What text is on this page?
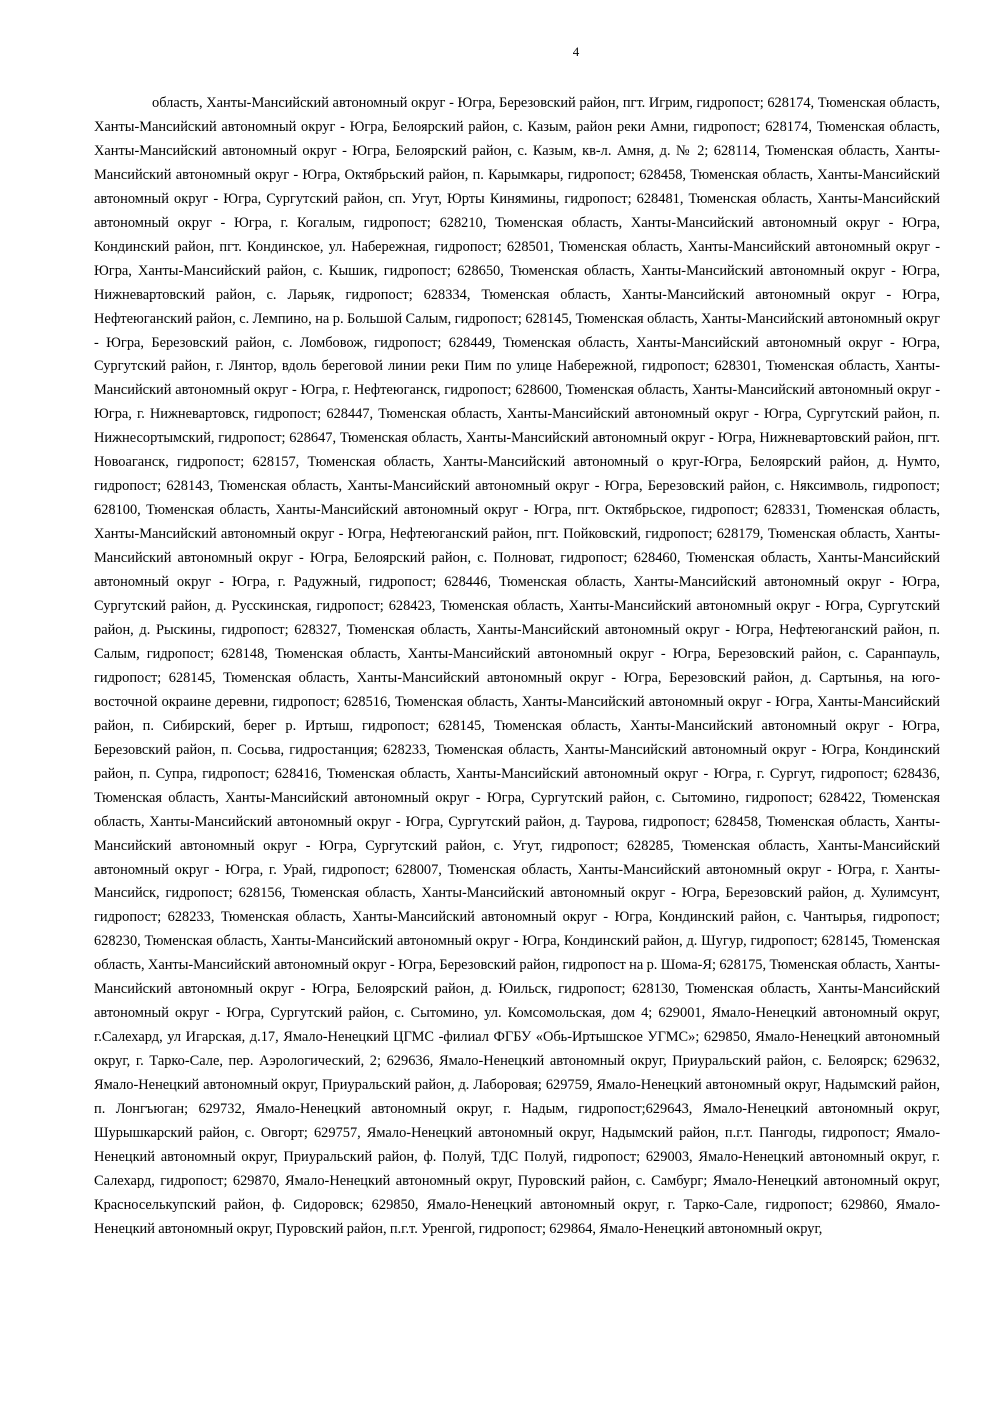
4

область, Ханты-Мансийский автономный округ - Югра, Березовский район, пгт. Игрим, гидропост; 628174, Тюменская область, Ханты-Мансийский автономный округ - Югра, Белоярский район, с. Казым, район реки Амни, гидропост; 628174, Тюменская область, Ханты-Мансийский автономный округ - Югра, Белоярский район, с. Казым, кв-л. Амня, д. № 2; 628114, Тюменская область, Ханты-Мансийский автономный округ - Югра, Октябрьский район, п. Карымкары, гидропост; 628458, Тюменская область, Ханты-Мансийский автономный округ - Югра, Сургутский район, сп. Угут, Юрты Кинямины, гидропост; 628481, Тюменская область, Ханты-Мансийский автономный округ - Югра, г. Когалым, гидропост; 628210, Тюменская область, Ханты-Мансийский автономный округ - Югра, Кондинский район, пгт. Кондинское, ул. Набережная, гидропост; 628501, Тюменская область, Ханты-Мансийский автономный округ - Югра, Ханты-Мансийский район, с. Кышик, гидропост; 628650, Тюменская область, Ханты-Мансийский автономный округ - Югра, Нижневартовский район, с. Ларьяк, гидропост; 628334, Тюменская область, Ханты-Мансийский автономный округ - Югра, Нефтеюганский район, с. Лемпино, на р. Большой Салым, гидропост; 628145, Тюменская область, Ханты-Мансийский автономный округ - Югра, Березовский район, с. Ломбовож, гидропост; 628449, Тюменская область, Ханты-Мансийский автономный округ - Югра, Сургутский район, г. Лянтор, вдоль береговой линии реки Пим по улице Набережной, гидропост; 628301, Тюменская область, Ханты-Мансийский автономный округ - Югра, г. Нефтеюганск, гидропост; 628600, Тюменская область, Ханты-Мансийский автономный округ - Югра, г. Нижневартовск, гидропост; 628447, Тюменская область, Ханты-Мансийский автономный округ - Югра, Сургутский район, п. Нижнесортымский, гидропост; 628647, Тюменская область, Ханты-Мансийский автономный округ - Югра, Нижневартовский район, пгт. Новоаганск, гидропост; 628157, Тюменская область, Ханты-Мансийский автономный о круг-Югра, Белоярский район, д. Нумто, гидропост; 628143, Тюменская область, Ханты-Мансийский автономный округ - Югра, Березовский район, с. Няксимволь, гидропост; 628100, Тюменская область, Ханты-Мансийский автономный округ - Югра, пгт. Октябрьское, гидропост; 628331, Тюменская область, Ханты-Мансийский автономный округ - Югра, Нефтеюганский район, пгт. Пойковский, гидропост; 628179, Тюменская область, Ханты-Мансийский автономный округ - Югра, Белоярский район, с. Полноват, гидропост; 628460, Тюменская область, Ханты-Мансийский автономный округ - Югра, г. Радужный, гидропост; 628446, Тюменская область, Ханты-Мансийский автономный округ - Югра, Сургутский район, д. Русскинская, гидропост; 628423, Тюменская область, Ханты-Мансийский автономный округ - Югра, Сургутский район, д. Рыскины, гидропост; 628327, Тюменская область, Ханты-Мансийский автономный округ - Югра, Нефтеюганский район, п. Салым, гидропост; 628148, Тюменская область, Ханты-Мансийский автономный округ - Югра, Березовский район, с. Саранпауль, гидропост; 628145, Тюменская область, Ханты-Мансийский автономный округ - Югра, Березовский район, д. Сартынья, на юго-восточной окраине деревни, гидропост; 628516, Тюменская область, Ханты-Мансийский автономный округ - Югра, Ханты-Мансийский район, п. Сибирский, берег р. Иртыш, гидропост; 628145, Тюменская область, Ханты-Мансийский автономный округ - Югра, Березовский район, п. Сосьва, гидростанция; 628233, Тюменская область, Ханты-Мансийский автономный округ - Югра, Кондинский район, п. Супра, гидропост; 628416, Тюменская область, Ханты-Мансийский автономный округ - Югра, г. Сургут, гидропост; 628436, Тюменская область, Ханты-Мансийский автономный округ - Югра, Сургутский район, с. Сытомино, гидропост; 628422, Тюменская область, Ханты-Мансийский автономный округ - Югра, Сургутский район, д. Таурова, гидропост; 628458, Тюменская область, Ханты-Мансийский автономный округ - Югра, Сургутский район, с. Угут, гидропост; 628285, Тюменская область, Ханты-Мансийский автономный округ - Югра, г. Урай, гидропост; 628007, Тюменская область, Ханты-Мансийский автономный округ - Югра, г. Ханты-Мансийск, гидропост; 628156, Тюменская область, Ханты-Мансийский автономный округ - Югра, Березовский район, д. Хулимсунт, гидропост; 628233, Тюменская область, Ханты-Мансийский автономный округ - Югра, Кондинский район, с. Чантырья, гидропост; 628230, Тюменская область, Ханты-Мансийский автономный округ - Югра, Кондинский район, д. Шугур, гидропост; 628145, Тюменская область, Ханты-Мансийский автономный округ - Югра, Березовский район, гидропост на р. Шома-Я; 628175, Тюменская область, Ханты-Мансийский автономный округ - Югра, Белоярский район, д. Юильск, гидропост; 628130, Тюменская область, Ханты-Мансийский автономный округ - Югра, Сургутский район, с. Сытомино, ул. Комсомольская, дом 4; 629001, Ямало-Ненецкий автономный округ, г.Салехард, ул Игарская, д.17, Ямало-Ненецкий ЦГМС -филиал ФГБУ «Обь-Иртышское УГМС»; 629850, Ямало-Ненецкий автономный округ, г. Тарко-Сале, пер. Аэрологический, 2; 629636, Ямало-Ненецкий автономный округ, Приуральский район, с. Белоярск; 629632, Ямало-Ненецкий автономный округ, Приуральский район, д. Лаборовая; 629759, Ямало-Ненецкий автономный округ, Надымский район, п. Лонгъюган; 629732, Ямало-Ненецкий автономный округ, г. Надым, гидропост;629643, Ямало-Ненецкий автономный округ, Шурышкарский район, с. Овгорт; 629757, Ямало-Ненецкий автономный округ, Надымский район, п.г.т. Пангоды, гидропост; Ямало-Ненецкий автономный округ, Приуральский район, ф. Полуй, ТДС Полуй, гидропост; 629003, Ямало-Ненецкий автономный округ, г. Салехард, гидропост; 629870, Ямало-Ненецкий автономный округ, Пуровский район, с. Самбург; Ямало-Ненецкий автономный округ, Красноселькупский район, ф. Сидоровск; 629850, Ямало-Ненецкий автономный округ, г. Тарко-Сале, гидропост; 629860, Ямало-Ненецкий автономный округ, Пуровский район, п.г.т. Уренгой, гидропост; 629864, Ямало-Ненецкий автономный округ,
